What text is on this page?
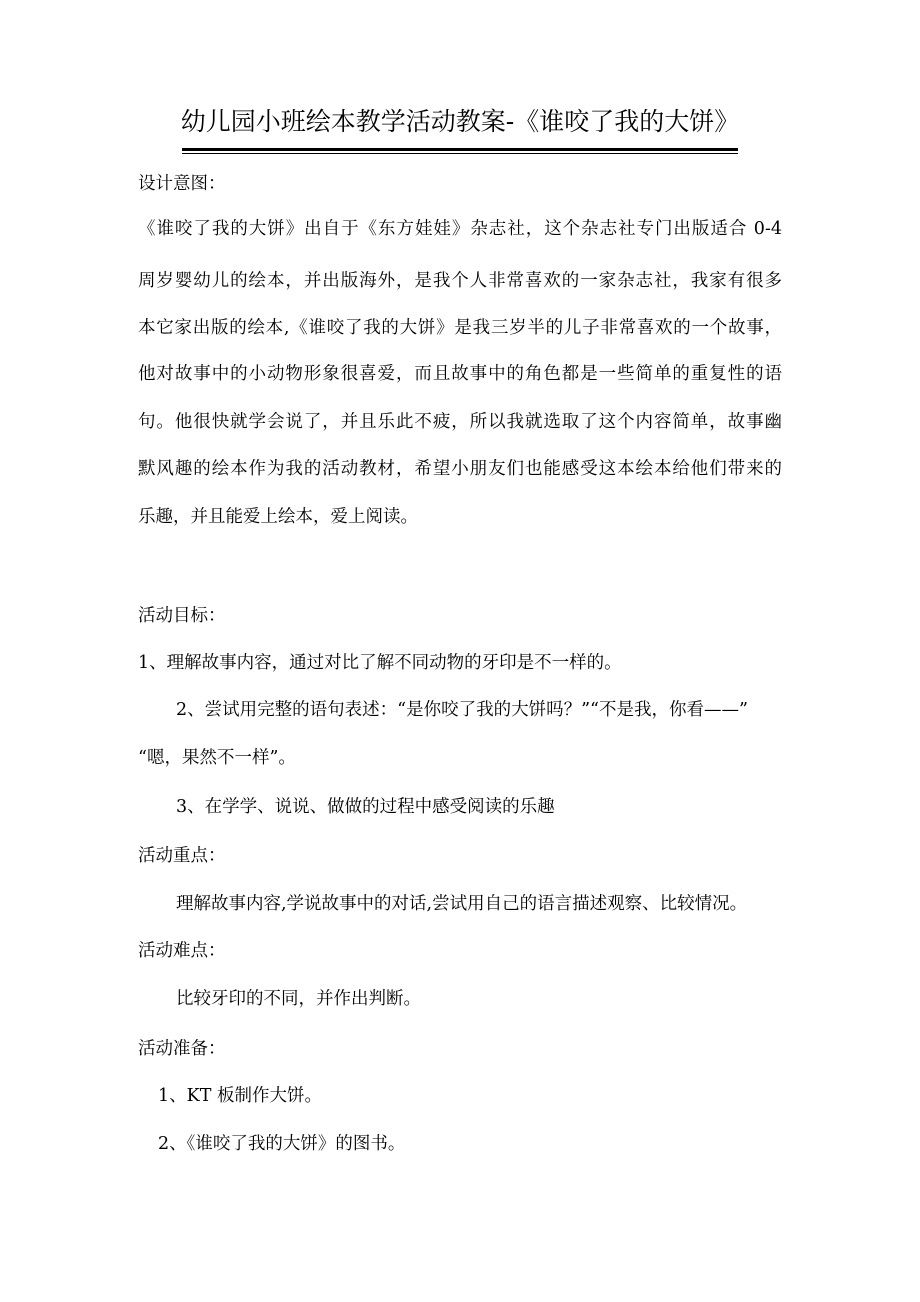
幼儿园小班绘本教学活动教案-《谁咬了我的大饼》
设计意图：
《谁咬了我的大饼》出自于《东方娃娃》杂志社，这个杂志社专门出版适合 0-4
周岁婴幼儿的绘本，并出版海外，是我个人非常喜欢的一家杂志社，我家有很多
本它家出版的绘本,《谁咬了我的大饼》是我三岁半的儿子非常喜欢的一个故事，
他对故事中的小动物形象很喜爱，而且故事中的角色都是一些简单的重复性的语
句。他很快就学会说了，并且乐此不疲，所以我就选取了这个内容简单，故事幽
默风趣的绘本作为我的活动教材，希望小朋友们也能感受这本绘本给他们带来的
乐趣，并且能爱上绘本，爱上阅读。
活动目标：
1、理解故事内容，通过对比了解不同动物的牙印是不一样的。
2、尝试用完整的语句表述：“是你咬了我的大饼吗？”“不是我，你看——”
“嗯，果然不一样”。
3、在学学、说说、做做的过程中感受阅读的乐趣
活动重点：
理解故事内容,学说故事中的对话,尝试用自己的语言描述观察、比较情况。
活动难点：
比较牙印的不同，并作出判断。
活动准备：
1、KT 板制作大饼。
2、《谁咬了我的大饼》的图书。
